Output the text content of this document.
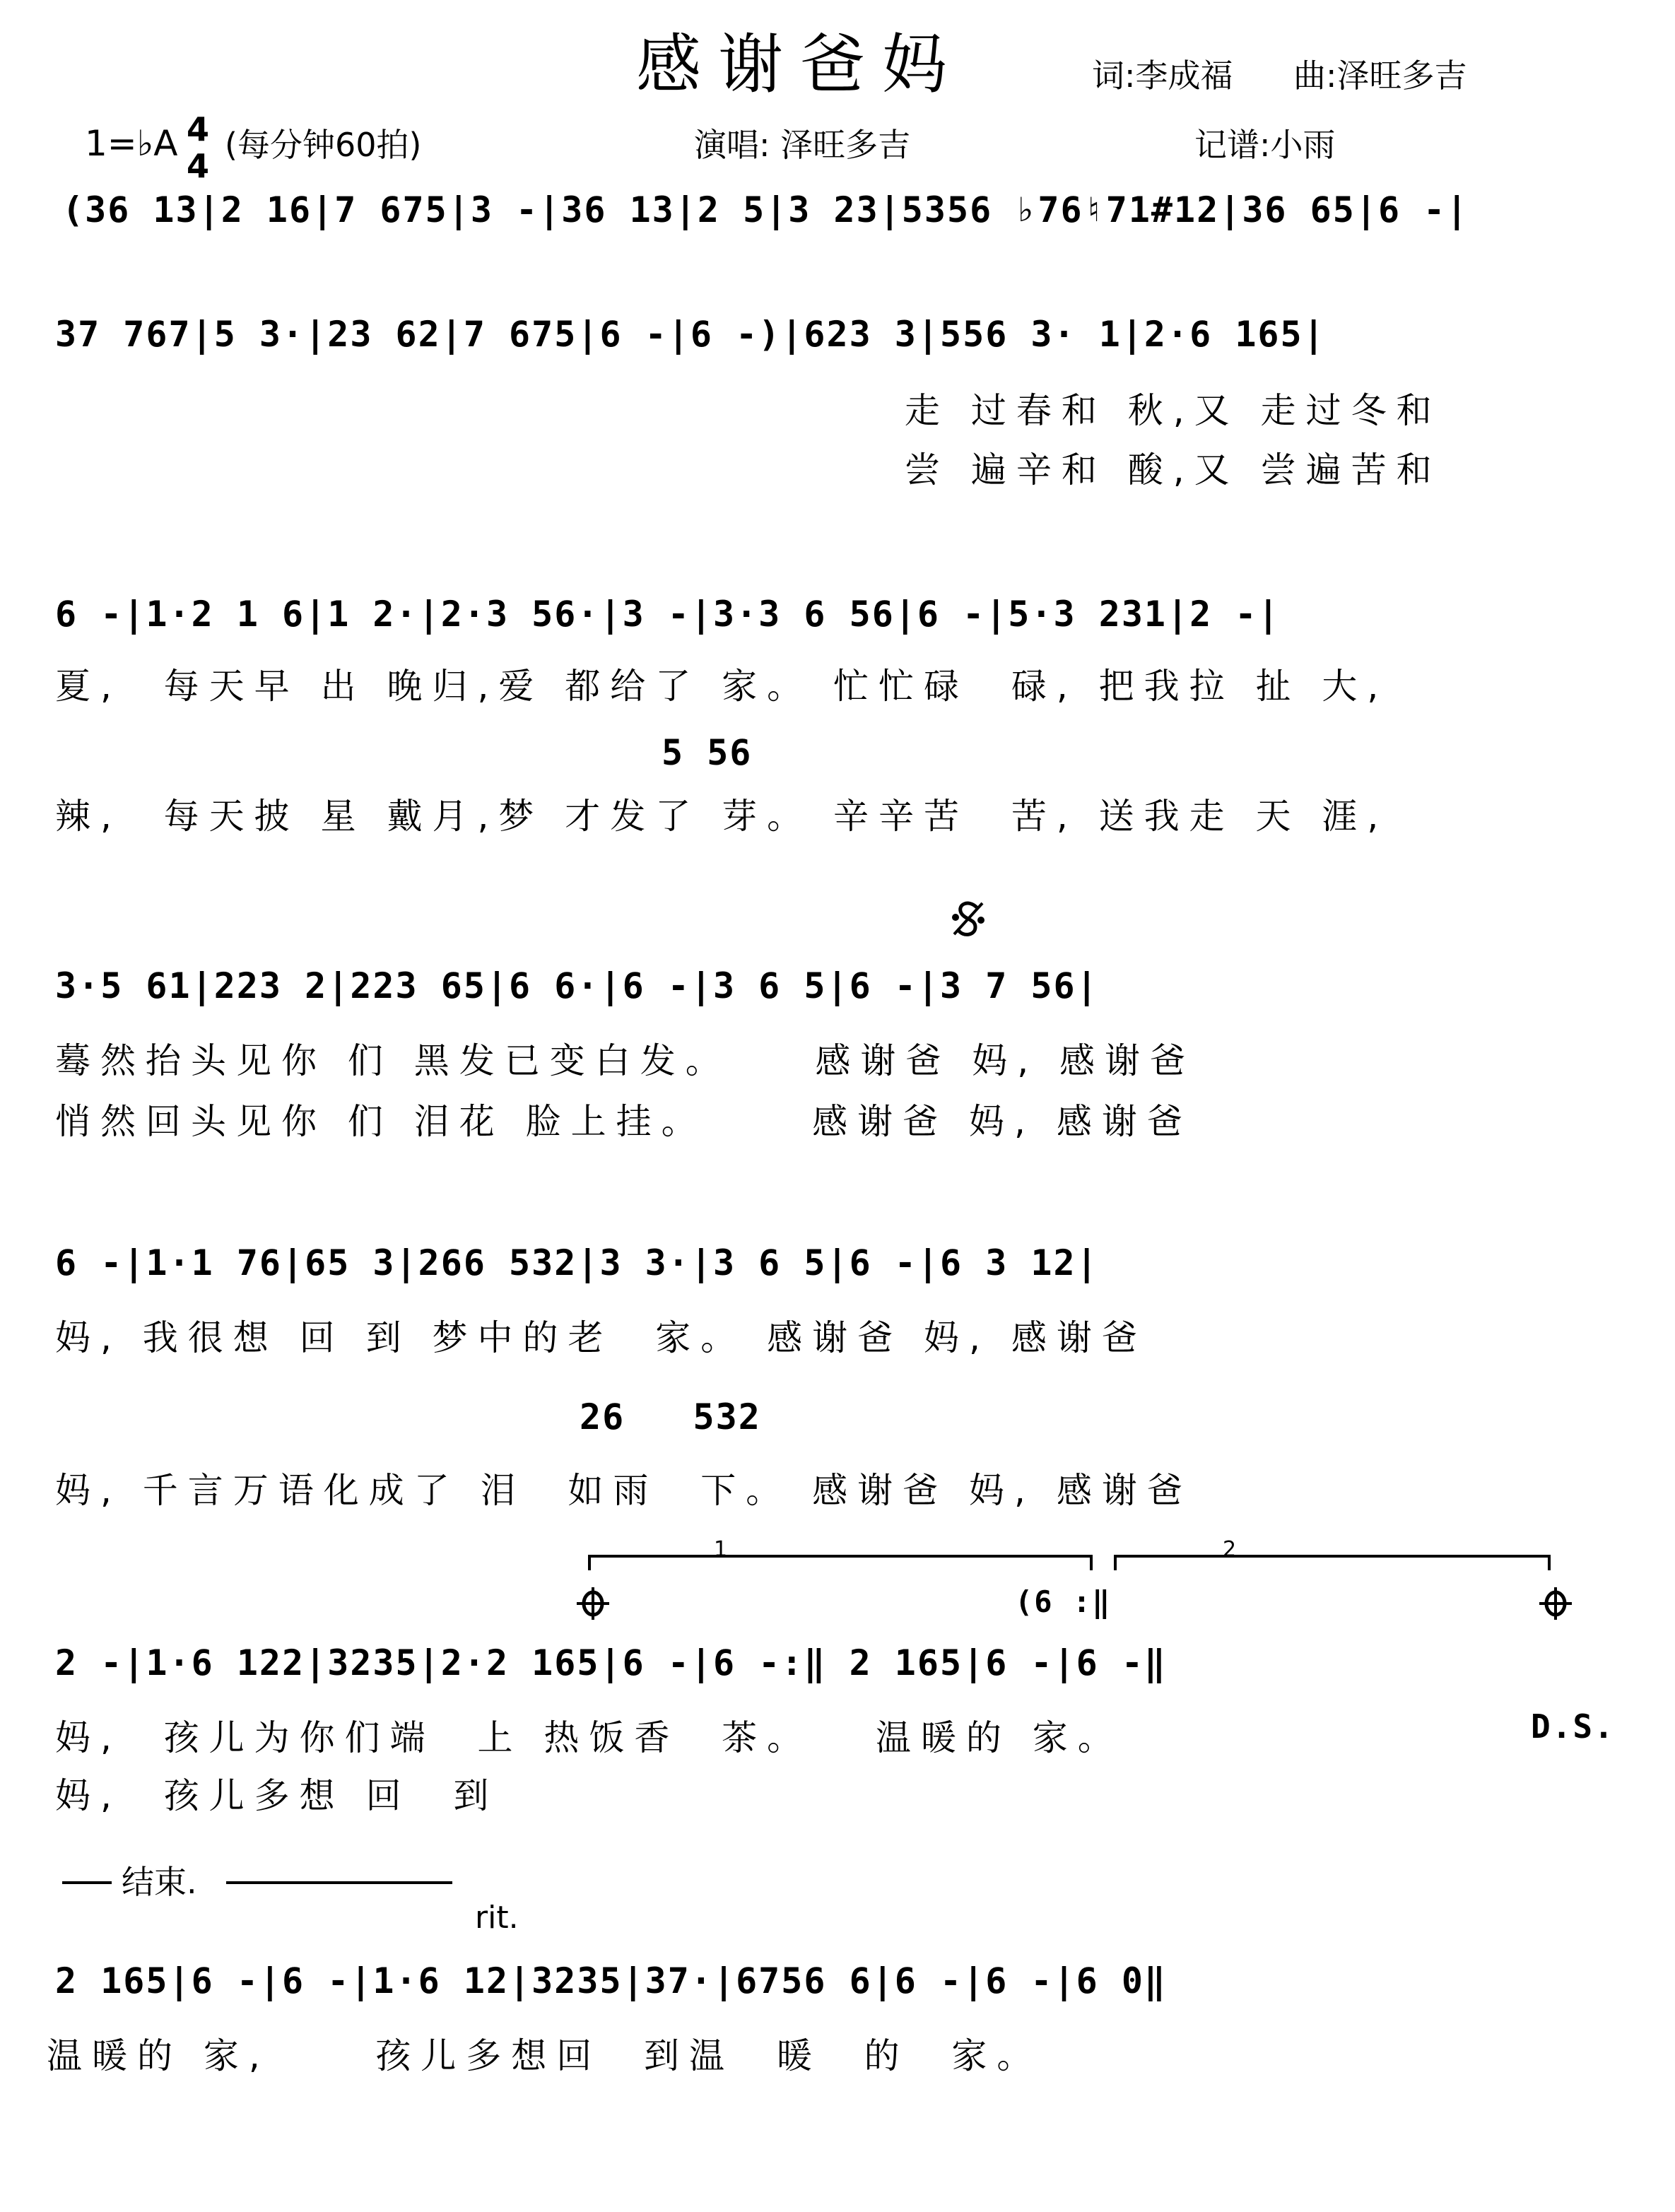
感谢爸妈	词:李成福 曲:泽旺多吉
1=♭A 4
4
(每分钟60拍)	演唱: 泽旺多吉	记谱:小雨
(36 13|2 16|7 675|3 -|36 13|2 5|3 23|5356 ♭76♮71#12|36 65|6 -|
37 767|5 3·|23 62|7 675|6 -|6 -)|623 3|556 3· 1|2·6 165|
走 过春和 秋,又 走过冬和
尝 遍辛和 酸,又 尝遍苦和
6 -|1·2 1 6|1 2·|2·3 56·|3 -|3·3 6 56|6 -|5·3 231|2 -|
夏,  每天早 出 晚归,爱 都给了 家。 忙忙碌  碌, 把我拉 扯 大,
5 56
辣,  每天披 星 戴月,梦 才发了 芽。 辛辛苦  苦, 送我走 天 涯,
3·5 61|223 2|223 65|6 6·|6 -|3 6 5|6 -|3 7 56|
蓦然抬头见你 们 黑发已变白发。    感谢爸 妈, 感谢爸
悄然回头见你 们 泪花 脸上挂。     感谢爸 妈, 感谢爸
6 -|1·1 76|65 3|266 532|3 3·|3 6 5|6 -|6 3 12|
妈, 我很想 回 到 梦中的老  家。 感谢爸 妈, 感谢爸
26   532
妈, 千言万语化成了 泪  如雨  下。 感谢爸 妈, 感谢爸
1	2
(6 :‖
2 -|1·6 122|3235|2·2 165|6 -|6 -:‖ 2 165|6 -|6 -‖
妈,  孩儿为你们端  上 热饭香  茶。   温暖的 家。	D.S.
妈,  孩儿多想 回  到
结束.
rit.
2 165|6 -|6 -|1·6 12|3235|37·|6756 6|6 -|6 -|6 0‖
温暖的 家,     孩儿多想回  到温  暖  的  家。
